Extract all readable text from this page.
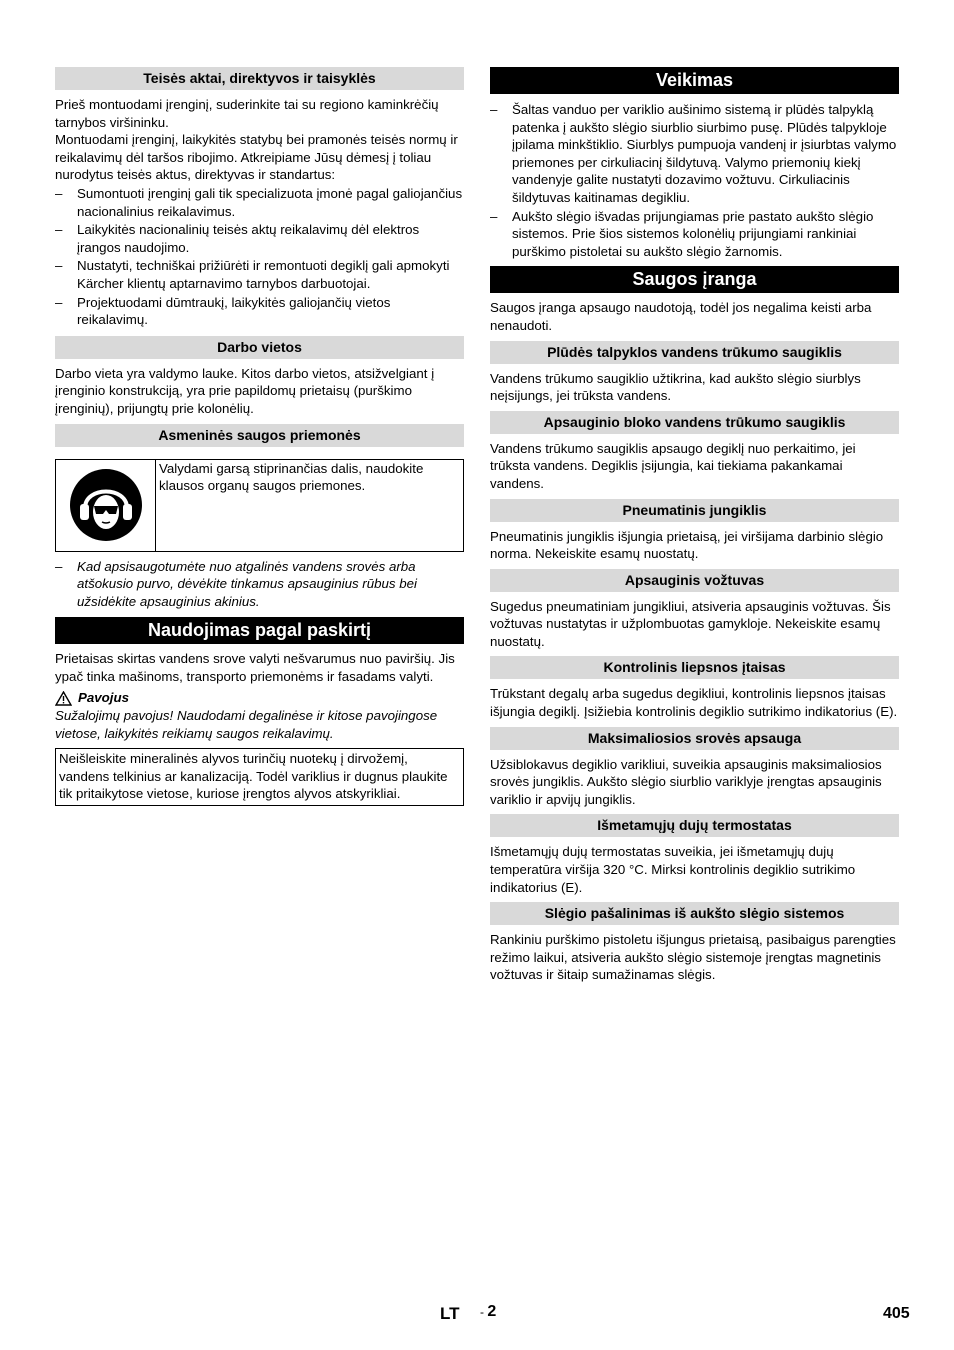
Teisės aktai, direktyvos ir taisyklės

Prieš montuodami įrenginį, suderinkite tai su regiono kaminkrėčių tarnybos viršininku.

Montuodami įrenginį, laikykitės statybų bei pramonės teisės normų ir reikalavimų dėl taršos ribojimo. Atkreipiame Jūsų dėmesį į toliau nurodytus teisės aktus, direktyvas ir standartus:

– Sumontuoti įrenginį gali tik specializuota įmonė pagal galiojančius nacionalinius reikalavimus.
– Laikykitės nacionalinių teisės aktų reikalavimų dėl elektros įrangos naudojimo.
– Nustatyti, techniškai prižiūrėti ir remontuoti degiklį gali apmokyti Kärcher klientų aptarnavimo tarnybos darbuotojai.
– Projektuodami dūmtraukį, laikykitės galiojančių vietos reikalavimų.
Darbo vietos

Darbo vieta yra valdymo lauke. Kitos darbo vietos, atsižvelgiant į įrenginio konstrukciją, yra prie papildomų prietaisų (purškimo įrenginių), prijungtų prie kolonėlių.

Asmeninės saugos priemonės
Valydami garsą stiprinančias dalis, naudokite klausos organų saugos priemones.
– Kad apsisaugotumėte nuo atgalinės vandens srovės arba atšokusio purvo, dėvėkite tinkamus apsauginius rūbus bei užsidėkite apsauginius akinius.
Naudojimas pagal paskirtį

Prietaisas skirtas vandens srove valyti nešvarumus nuo paviršių. Jis ypač tinka mašinoms, transporto priemonėms ir fasadams valyti.

Pavojus

Sužalojimų pavojus! Naudodami degalinėse ir kitose pavojingose vietose, laikykitės reikiamų saugos reikalavimų.

Neišleiskite mineralinės alyvos turinčių nuotekų į dirvožemį, vandens telkinius ar kanalizaciją. Todėl variklius ir dugnus plaukite tik pritaikytose vietose, kuriose įrengtos alyvos atskyrikliai.
Veikimas
– Šaltas vanduo per variklio aušinimo sistemą ir plūdės talpyklą patenka į aukšto slėgio siurblio siurbimo pusę. Plūdės talpykloje įpilama minkštiklio. Siurblys pumpuoja vandenį ir įsiurbtas valymo priemones per cirkuliacinį šildytuvą. Valymo priemonių kiekį vandenyje galite nustatyti dozavimo vožtuvu. Cirkuliacinis šildytuvas kaitinamas degikliu.
– Aukšto slėgio išvadas prijungiamas prie pastato aukšto slėgio sistemos. Prie šios sistemos kolonėlių prijungiami rankiniai purškimo pistoletai su aukšto slėgio žarnomis.
Saugos įranga

Saugos įranga apsaugo naudotoją, todėl jos negalima keisti arba nenaudoti.

Plūdės talpyklos vandens trūkumo saugiklis

Vandens trūkumo saugiklio užtikrina, kad aukšto slėgio siurblys neįsijungs, jei trūksta vandens.

Apsauginio bloko vandens trūkumo saugiklis

Vandens trūkumo saugiklis apsaugo degiklį nuo perkaitimo, jei trūksta vandens. Degiklis įsijungia, kai tiekiama pakankamai vandens.

Pneumatinis jungiklis

Pneumatinis jungiklis išjungia prietaisą, jei viršijama darbinio slėgio norma. Nekeiskite esamų nuostatų.

Apsauginis vožtuvas

Sugedus pneumatiniam jungikliui, atsiveria apsauginis vožtuvas. Šis vožtuvas nustatytas ir užplombuotas gamykloje. Nekeiskite esamų nuostatų.

Kontrolinis liepsnos įtaisas

Trūkstant degalų arba sugedus degikliui, kontrolinis liepsnos įtaisas išjungia degiklį. Įsižiebia kontrolinis degiklio sutrikimo indikatorius (E).

Maksimaliosios srovės apsauga

Užsiblokavus degiklio varikliui, suveikia apsauginis maksimaliosios srovės jungiklis. Aukšto slėgio siurblio variklyje įrengtas apsauginis variklio ir apvijų jungiklis.

Išmetamųjų dujų termostatas

Išmetamųjų dujų termostatas suveikia, jei išmetamųjų dujų temperatūra viršija 320 °C. Mirksi kontrolinis degiklio sutrikimo indikatorius (E).

Slėgio pašalinimas iš aukšto slėgio sistemos

Rankiniu purškimo pistoletu išjungus prietaisą, pasibaigus parengties režimo laikui, atsiveria aukšto slėgio sistemoje įrengtas magnetinis vožtuvas ir šitaip sumažinamas slėgis.

LT - 2	405
